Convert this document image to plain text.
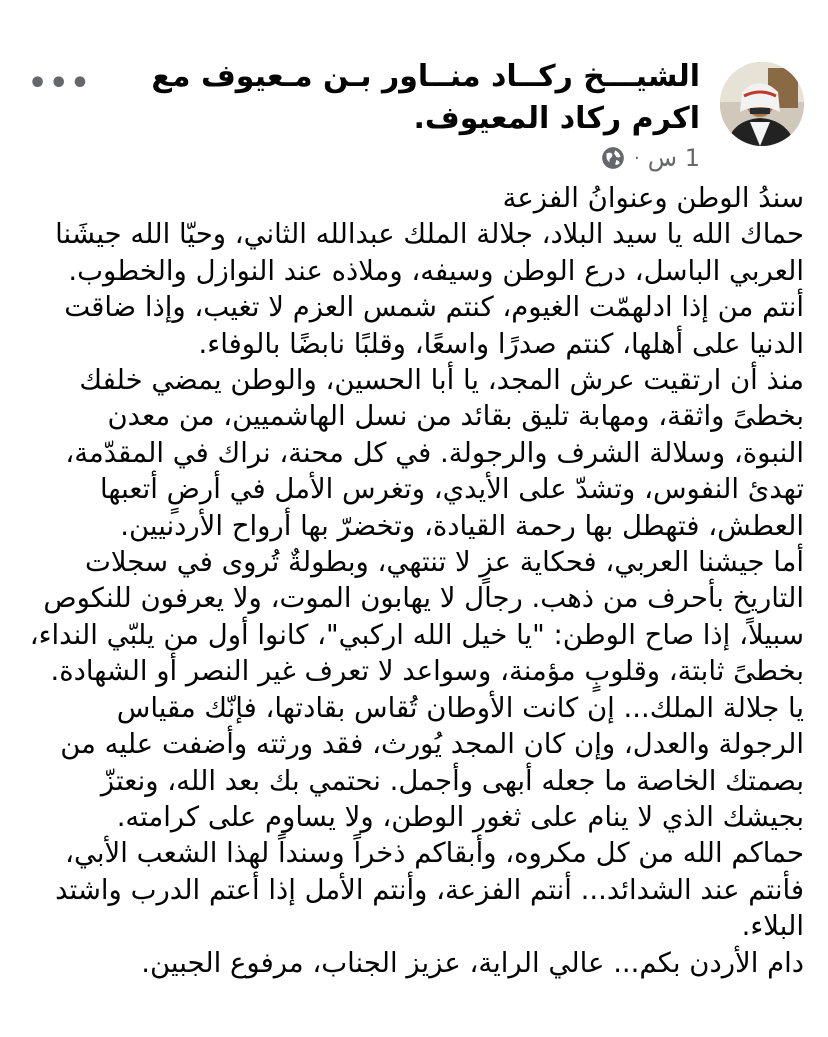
الشيـــخ ركــاد منــاور بـن مـعيوف مع اكرم ركاد المعيوف.

1 س
·
•••

سندُ الوطن وعنوانُ الفزعة

حماك الله يا سيد البلاد، جلالة الملك عبدالله الثاني، وحيّا الله جيشَنا

العربي الباسل، درع الوطن وسيفه، وملاذه عند النوازل والخطوب.

أنتم من إذا ادلهمّت الغيوم، كنتم شمس العزم لا تغيب، وإذا ضاقت

الدنيا على أهلها، كنتم صدرًا واسعًا، وقلبًا نابضًا بالوفاء.

منذ أن ارتقيت عرش المجد، يا أبا الحسين، والوطن يمضي خلفك

بخطىً واثقة، ومهابة تليق بقائد من نسل الهاشميين، من معدن

النبوة، وسلالة الشرف والرجولة. في كل محنة، نراك في المقدّمة،

تهدئ النفوس، وتشدّ على الأيدي، وتغرس الأمل في أرضٍ أتعبها

العطش، فتهطل بها رحمة القيادة، وتخضرّ بها أرواح الأردنيين.

أما جيشنا العربي، فحكاية عزٍ لا تنتهي، وبطولةٌ تُروى في سجلات

التاريخ بأحرف من ذهب. رجال لا يهابون الموت، ولا يعرفون للنكوص

سبيلاً، إذا صاح الوطن: "يا خيل الله اركبي"، كانوا أول من يلبّي النداء،

بخطىً ثابتة، وقلوبٍ مؤمنة، وسواعد لا تعرف غير النصر أو الشهادة.

يا جلالة الملك... إن كانت الأوطان تُقاس بقادتها، فإنّك مقياس

الرجولة والعدل، وإن كان المجد يُورث، فقد ورثته وأضفت عليه من

بصمتك الخاصة ما جعله أبهى وأجمل. نحتمي بك بعد الله، ونعتزّ

بجيشك الذي لا ينام على ثغور الوطن، ولا يساوم على كرامته.

حماكم الله من كل مكروه، وأبقاكم ذخراً وسنداً لهذا الشعب الأبي،

فأنتم عند الشدائد... أنتم الفزعة، وأنتم الأمل إذا أعتم الدرب واشتد

البلاء.

دام الأردن بكم... عالي الراية، عزيز الجناب، مرفوع الجبين.
